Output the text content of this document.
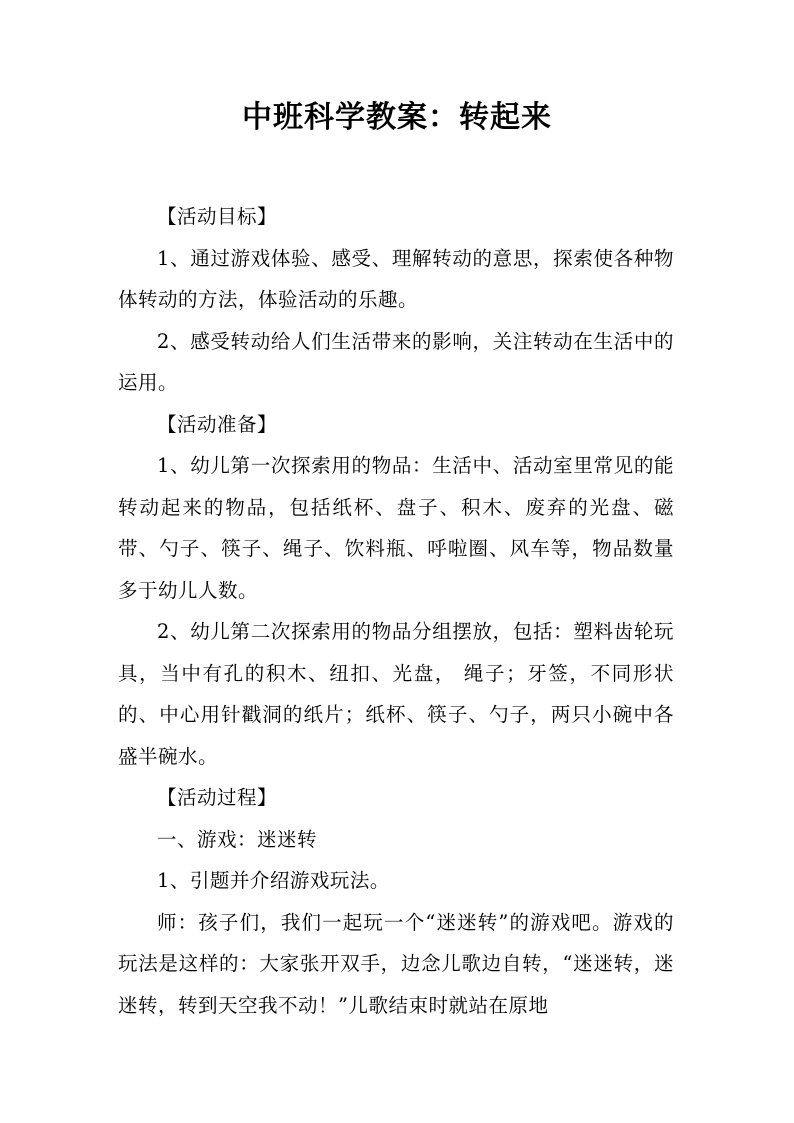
中班科学教案：转起来

【活动目标】

1、通过游戏体验、感受、理解转动的意思，探索使各种物体转动的方法，体验活动的乐趣。

2、感受转动给人们生活带来的影响，关注转动在生活中的运用。

【活动准备】

1、幼儿第一次探索用的物品：生活中、活动室里常见的能转动起来的物品，包括纸杯、盘子、积木、废弃的光盘、磁带、勺子、筷子、绳子、饮料瓶、呼啦圈、风车等，物品数量多于幼儿人数。

2、幼儿第二次探索用的物品分组摆放，包括：塑料齿轮玩具，当中有孔的积木、纽扣、光盘， 绳子；牙签，不同形状的、中心用针戳洞的纸片；纸杯、筷子、勺子，两只小碗中各盛半碗水。

【活动过程】

一、游戏：迷迷转

1、引题并介绍游戏玩法。

师：孩子们，我们一起玩一个“迷迷转”的游戏吧。游戏的玩法是这样的：大家张开双手，边念儿歌边自转，“迷迷转，迷迷转，转到天空我不动！”儿歌结束时就站在原地
